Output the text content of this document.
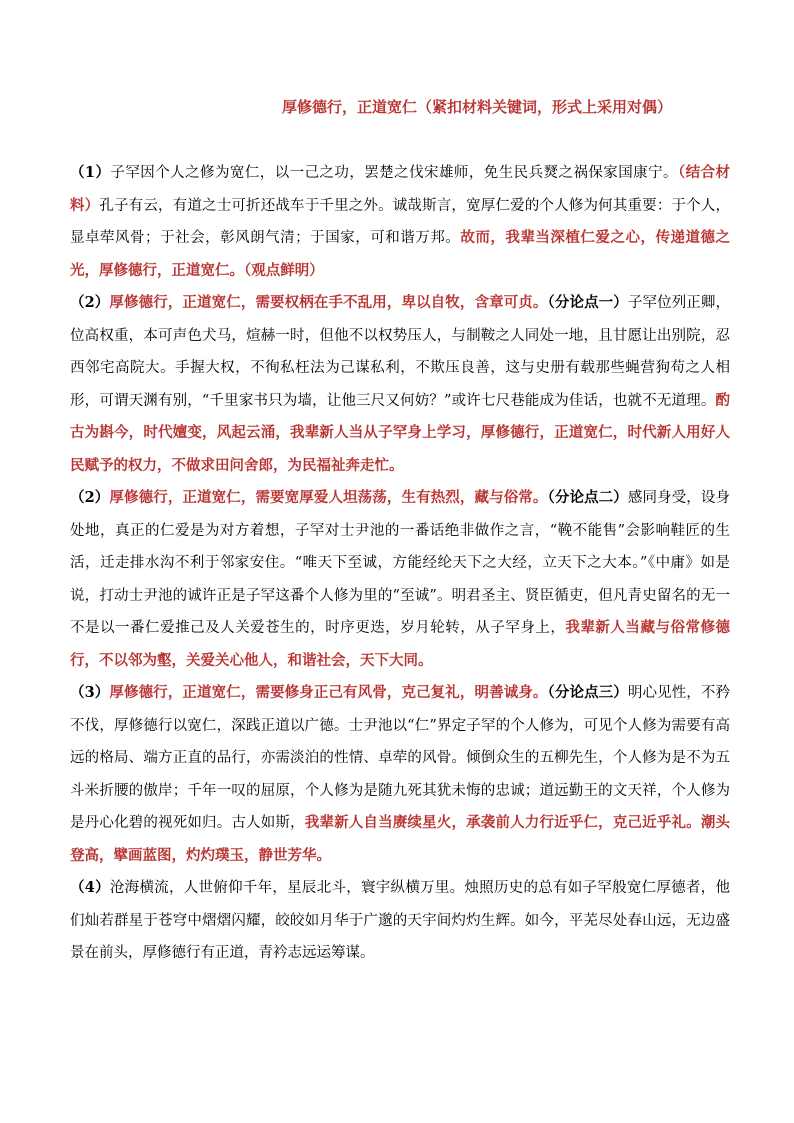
厚修德行，正道宽仁（紧扣材料关键词，形式上采用对偶）

（1）子罕因个人之修为宽仁，以一己之功，罢楚之伐宋雄师，免生民兵燹之祸保家国康宁。（结合材料）孔子有云，有道之士可折还战车于千里之外。诚哉斯言，宽厚仁爱的个人修为何其重要：于个人，显卓荦风骨；于社会，彰风朗气清；于国家，可和谐万邦。故而，我辈当深植仁爱之心，传递道德之光，厚修德行，正道宽仁。（观点鲜明）

（2）厚修德行，正道宽仁，需要权柄在手不乱用，卑以自牧，含章可贞。（分论点一）子罕位列正卿，位高权重，本可声色犬马，煊赫一时，但他不以权势压人，与制鞍之人同处一地，且甘愿让出别院，忍西邻宅高院大。手握大权，不徇私枉法为己谋私利，不欺压良善，这与史册有载那些蝇营狗苟之人相形，可谓天渊有别，“千里家书只为墙，让他三尺又何妨？”或许七尺巷能成为佳话，也就不无道理。酌古为斟今，时代嬗变，风起云涌，我辈新人当从子罕身上学习，厚修德行，正道宽仁，时代新人用好人民赋予的权力，不做求田问舍郎，为民福祉奔走忙。

（2）厚修德行，正道宽仁，需要宽厚爱人坦荡荡，生有热烈，藏与俗常。（分论点二）感同身受，设身处地，真正的仁爱是为对方着想，子罕对士尹池的一番话绝非做作之言，“鞔不能售”会影响鞋匠的生活，迁走排水沟不利于邻家安住。“唯天下至诚，方能经纶天下之大经，立天下之大本。”《中庸》如是说，打动士尹池的诚许正是子罕这番个人修为里的“至诚”。明君圣主、贤臣循吏，但凡青史留名的无一不是以一番仁爱推己及人关爱苍生的，时序更迭，岁月轮转，从子罕身上，我辈新人当藏与俗常修德行，不以邻为壑，关爱关心他人，和谐社会，天下大同。

（3）厚修德行，正道宽仁，需要修身正己有风骨，克己复礼，明善诚身。（分论点三）明心见性，不矜不伐，厚修德行以宽仁，深践正道以广德。士尹池以“仁”界定子罕的个人修为，可见个人修为需要有高远的格局、端方正直的品行，亦需淡泊的性情、卓荦的风骨。倾倒众生的五柳先生，个人修为是不为五斗米折腰的傲岸；千年一叹的屈原，个人修为是随九死其犹未悔的忠诚；道远勤王的文天祥，个人修为是丹心化碧的视死如归。古人如斯，我辈新人自当赓续星火，承袭前人力行近乎仁，克己近乎礼。潮头登高，擘画蓝图，灼灼璞玉，静世芳华。

（4）沧海横流，人世俯仰千年，星辰北斗，寰宇纵横万里。烛照历史的总有如子罕般宽仁厚德者，他们灿若群星于苍穹中熠熠闪耀，皎皎如月华于广邈的天宇间灼灼生辉。如今，平芜尽处春山远，无边盛景在前头，厚修德行有正道，青衿志远运筹谋。
